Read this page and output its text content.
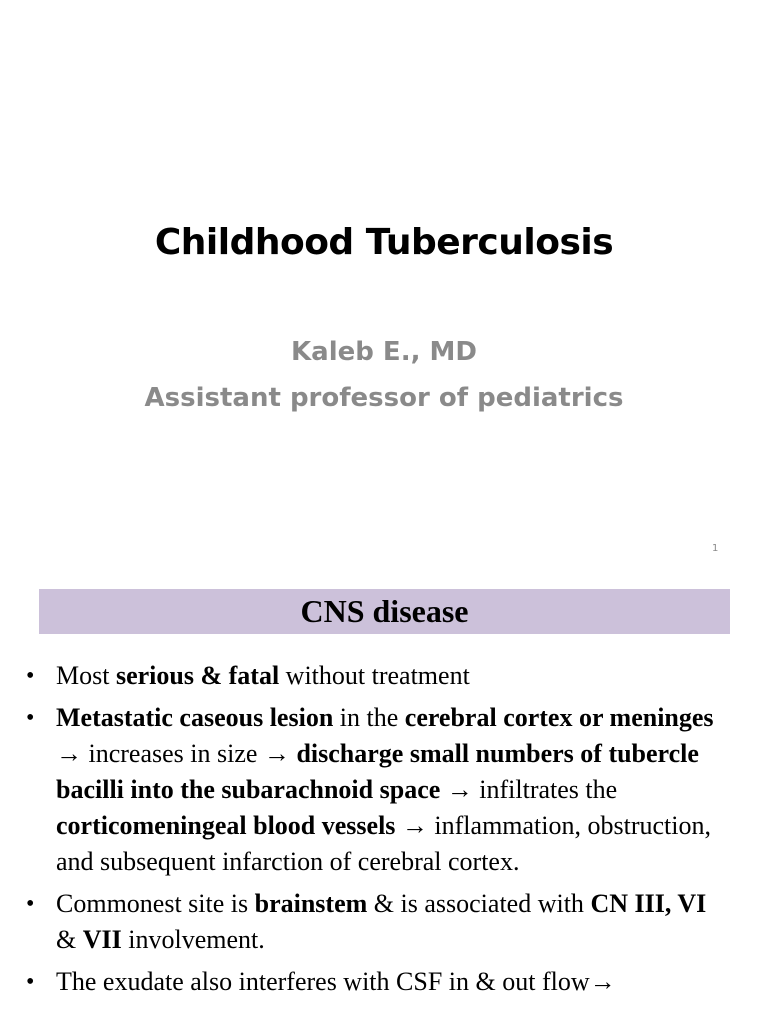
Childhood Tuberculosis
Kaleb E., MD
Assistant professor of pediatrics
1
CNS disease
• Most serious & fatal without treatment
• Metastatic caseous lesion in the cerebral cortex or meninges → increases in size → discharge small numbers of tubercle bacilli into the subarachnoid space → infiltrates the corticomeningeal blood vessels → inflammation, obstruction, and subsequent infarction of cerebral cortex.
• Commonest site is brainstem & is associated with CN III, VI & VII involvement.
• The exudate also interferes with CSF in & out flow→
